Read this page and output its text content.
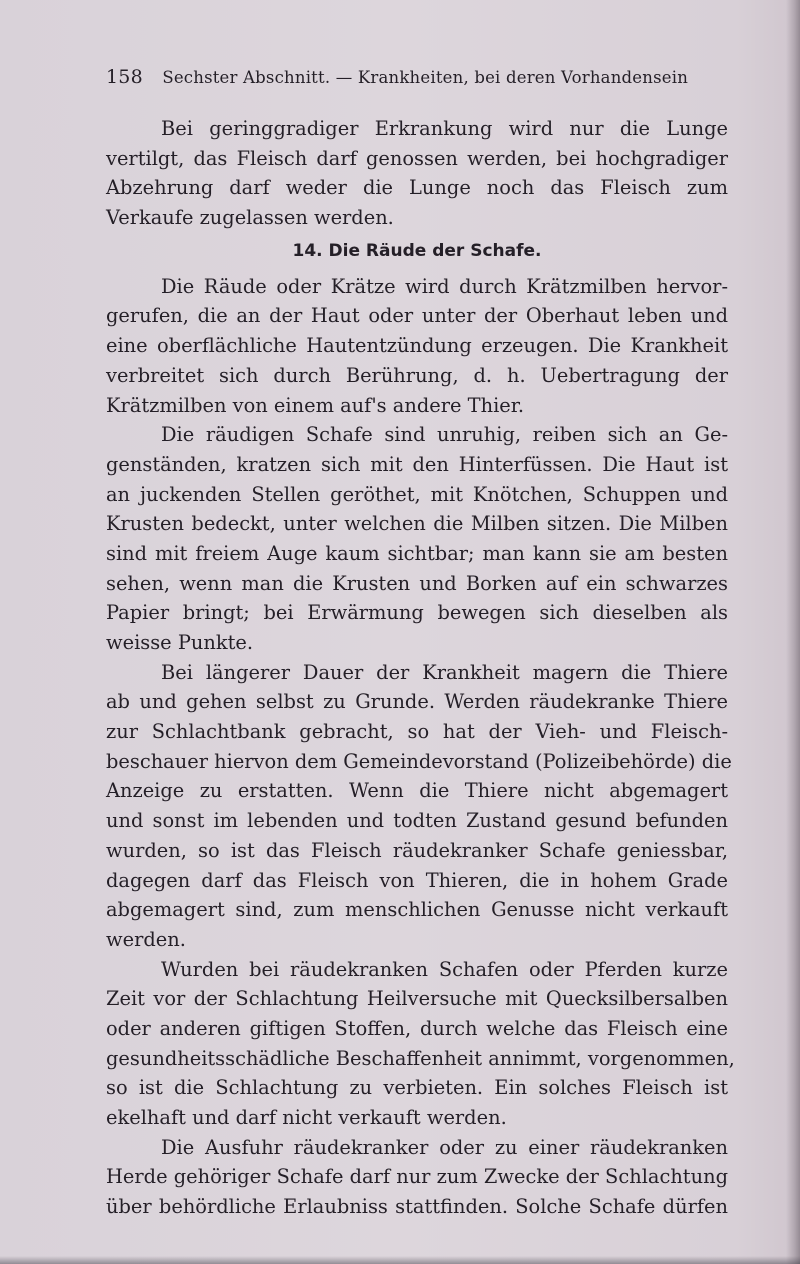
158 Sechster Abschnitt. — Krankheiten, bei deren Vorhandensein
Bei geringgradiger Erkrankung wird nur die Lunge
vertilgt, das Fleisch darf genossen werden, bei hochgradiger
Abzehrung darf weder die Lunge noch das Fleisch zum
Verkaufe zugelassen werden.
14. Die Räude der Schafe.
Die Räude oder Krätze wird durch Krätzmilben hervor-
gerufen, die an der Haut oder unter der Oberhaut leben und
eine oberflächliche Hautentzündung erzeugen. Die Krankheit
verbreitet sich durch Berührung, d. h. Uebertragung der
Krätzmilben von einem auf's andere Thier.
Die räudigen Schafe sind unruhig, reiben sich an Ge-
genständen, kratzen sich mit den Hinterfüssen. Die Haut ist
an juckenden Stellen geröthet, mit Knötchen, Schuppen und
Krusten bedeckt, unter welchen die Milben sitzen. Die Milben
sind mit freiem Auge kaum sichtbar; man kann sie am besten
sehen, wenn man die Krusten und Borken auf ein schwarzes
Papier bringt; bei Erwärmung bewegen sich dieselben als
weisse Punkte.
Bei längerer Dauer der Krankheit magern die Thiere
ab und gehen selbst zu Grunde. Werden räudekranke Thiere
zur Schlachtbank gebracht, so hat der Vieh- und Fleisch-
beschauer hiervon dem Gemeindevorstand (Polizeibehörde) die
Anzeige zu erstatten. Wenn die Thiere nicht abgemagert
und sonst im lebenden und todten Zustand gesund befunden
wurden, so ist das Fleisch räudekranker Schafe geniessbar,
dagegen darf das Fleisch von Thieren, die in hohem Grade
abgemagert sind, zum menschlichen Genusse nicht verkauft
werden.
Wurden bei räudekranken Schafen oder Pferden kurze
Zeit vor der Schlachtung Heilversuche mit Quecksilbersalben
oder anderen giftigen Stoffen, durch welche das Fleisch eine
gesundheitsschädliche Beschaffenheit annimmt, vorgenommen,
so ist die Schlachtung zu verbieten. Ein solches Fleisch ist
ekelhaft und darf nicht verkauft werden.
Die Ausfuhr räudekranker oder zu einer räudekranken
Herde gehöriger Schafe darf nur zum Zwecke der Schlachtung
über behördliche Erlaubniss stattfinden. Solche Schafe dürfen
